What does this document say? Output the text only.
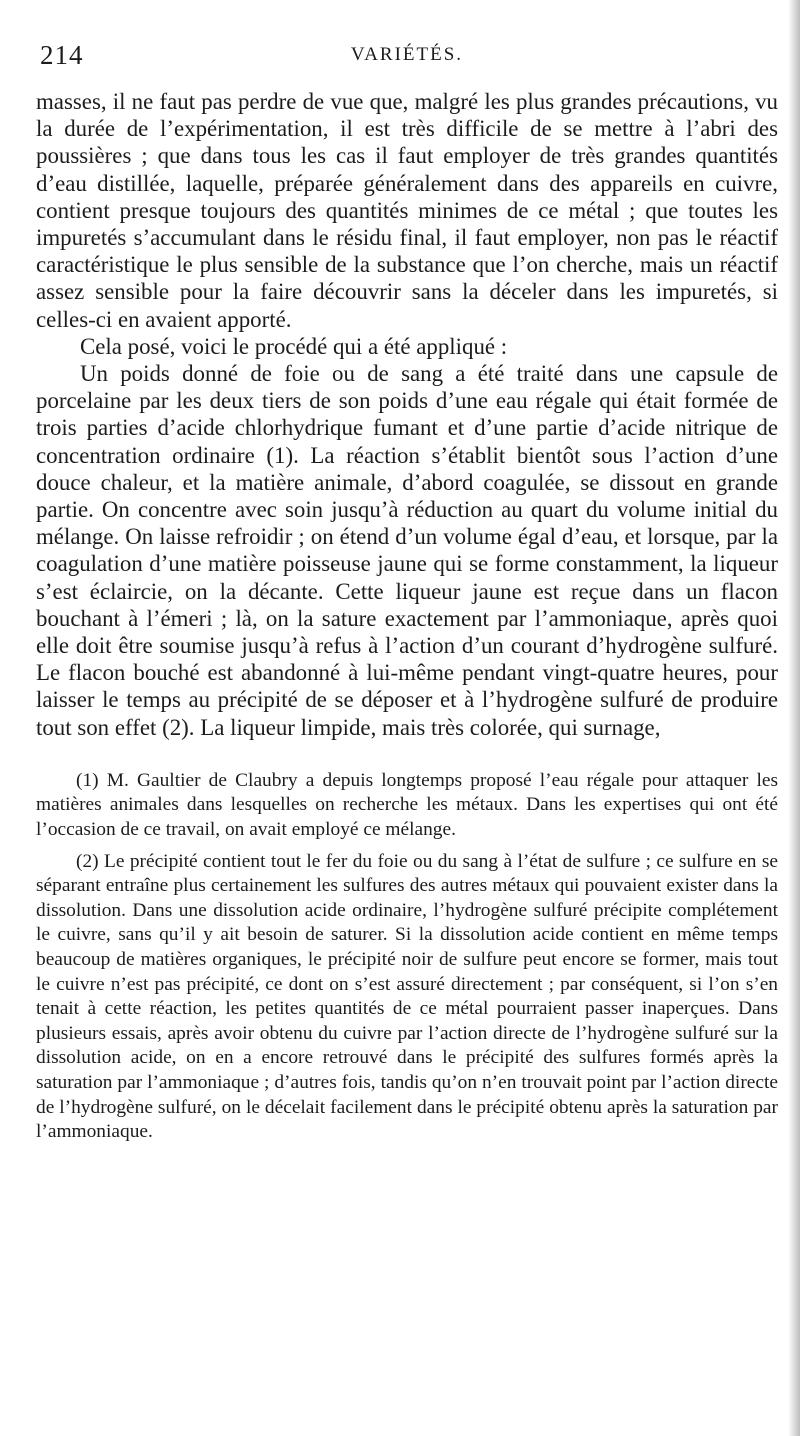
214	VARIÉTÉS.

masses, il ne faut pas perdre de vue que, malgré les plus grandes précautions, vu la durée de l’expérimentation, il est très difficile de se mettre à l’abri des poussières ; que dans tous les cas il faut employer de très grandes quantités d’eau distillée, laquelle, préparée généralement dans des appareils en cuivre, contient presque toujours des quantités minimes de ce métal ; que toutes les impuretés s’accumulant dans le résidu final, il faut employer, non pas le réactif caractéristique le plus sensible de la substance que l’on cherche, mais un réactif assez sensible pour la faire découvrir sans la déceler dans les impuretés, si celles-ci en avaient apporté.

Cela posé, voici le procédé qui a été appliqué :

Un poids donné de foie ou de sang a été traité dans une capsule de porcelaine par les deux tiers de son poids d’une eau régale qui était formée de trois parties d’acide chlorhydrique fumant et d’une partie d’acide nitrique de concentration ordinaire (1). La réaction s’établit bientôt sous l’action d’une douce chaleur, et la matière animale, d’abord coagulée, se dissout en grande partie. On concentre avec soin jusqu’à réduction au quart du volume initial du mélange. On laisse refroidir ; on étend d’un volume égal d’eau, et lorsque, par la coagulation d’une matière poisseuse jaune qui se forme constamment, la liqueur s’est éclaircie, on la décante. Cette liqueur jaune est reçue dans un flacon bouchant à l’émeri ; là, on la sature exactement par l’ammoniaque, après quoi elle doit être soumise jusqu’à refus à l’action d’un courant d’hydrogène sulfuré. Le flacon bouché est abandonné à lui-même pendant vingt-quatre heures, pour laisser le temps au précipité de se déposer et à l’hydrogène sulfuré de produire tout son effet (2). La liqueur limpide, mais très colorée, qui surnage,

(1) M. Gaultier de Claubry a depuis longtemps proposé l’eau régale pour attaquer les matières animales dans lesquelles on recherche les métaux. Dans les expertises qui ont été l’occasion de ce travail, on avait employé ce mélange.

(2) Le précipité contient tout le fer du foie ou du sang à l’état de sulfure ; ce sulfure en se séparant entraîne plus certainement les sulfures des autres métaux qui pouvaient exister dans la dissolution. Dans une dissolution acide ordinaire, l’hydrogène sulfuré précipite complétement le cuivre, sans qu’il y ait besoin de saturer. Si la dissolution acide contient en même temps beaucoup de matières organiques, le précipité noir de sulfure peut encore se former, mais tout le cuivre n’est pas précipité, ce dont on s’est assuré directement ; par conséquent, si l’on s’en tenait à cette réaction, les petites quantités de ce métal pourraient passer inaperçues. Dans plusieurs essais, après avoir obtenu du cuivre par l’action directe de l’hydrogène sulfuré sur la dissolution acide, on en a encore retrouvé dans le précipité des sulfures formés après la saturation par l’ammoniaque ; d’autres fois, tandis qu’on n’en trouvait point par l’action directe de l’hydrogène sulfuré, on le décelait facilement dans le précipité obtenu après la saturation par l’ammoniaque.
